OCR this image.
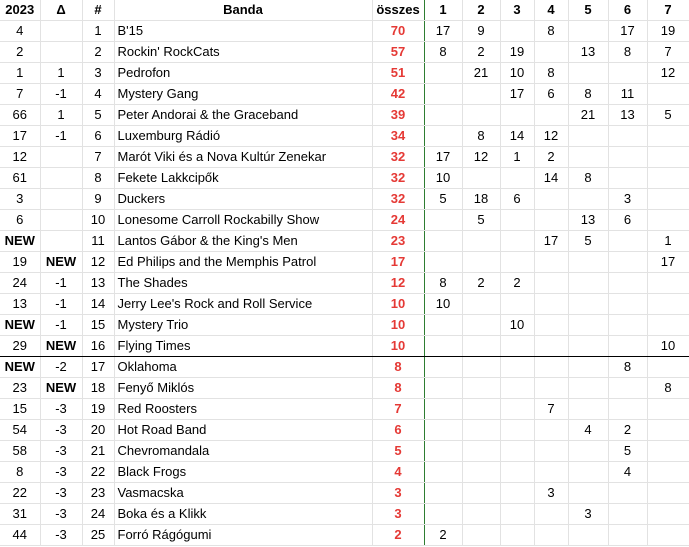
2023	Δ	#	Banda	összes	1	2	3	4	5	6	7
4		1	B'15	70	17	9		8		17	19
2		2	Rockin' RockCats	57	8	2	19		13	8	7
1	1	3	Pedrofon	51		21	10	8			12
7	-1	4	Mystery Gang	42			17	6	8	11	
66	1	5	Peter Andorai & the Graceband	39					21	13	5
17	-1	6	Luxemburg Rádió	34		8	14	12			
12		7	Marót Viki és a Nova Kultúr Zenekar	32	17	12	1	2			
61		8	Fekete Lakkcipők	32	10			14	8		
3		9	Duckers	32	5	18	6			3	
6		10	Lonesome Carroll Rockabilly Show	24		5			13	6	
NEW		11	Lantos Gábor & the King's Men	23				17	5		1
19	NEW	12	Ed Philips and the Memphis Patrol	17							17
24	-1	13	The Shades	12	8	2	2				
13	-1	14	Jerry Lee's Rock and Roll Service	10	10						
NEW	-1	15	Mystery Trio	10			10				
29	NEW	16	Flying Times	10							10
NEW	-2	17	Oklahoma	8						8	
23	NEW	18	Fenyő Miklós	8							8
15	-3	19	Red Roosters	7				7			
54	-3	20	Hot Road Band	6					4	2	
58	-3	21	Chevromandala	5						5	
8	-3	22	Black Frogs	4						4	
22	-3	23	Vasmacska	3				3			
31	-3	24	Boka és a Klikk	3					3		
44	-3	25	Forró Rágógumi	2	2						
